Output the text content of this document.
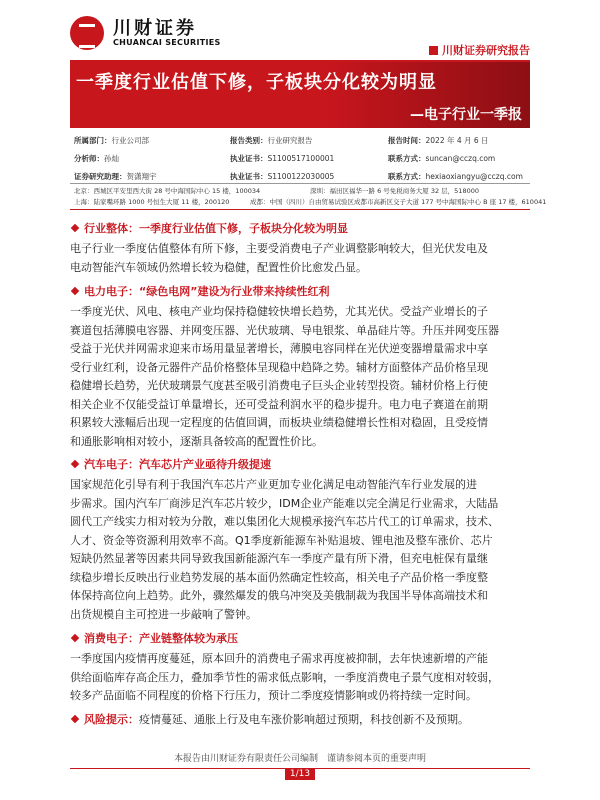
川财证券
CHUANCAI SECURITIES
川财证券研究报告
一季度行业估值下修，子板块分化较为明显
—电子行业一季报
所属部门：行业公司部	报告类别：行业研究报告	报告时间：2022 年 4 月 6 日
分析师：孙灿	执业证书：S1100517100001	联系方式：suncan@cczq.com
证券研究助理：贺潇翔宇	执业证书：S1100122030005	联系方式：hexiaoxiangyu@cczq.com
北京：西城区平安里西大街 28 号中海国际中心 15 楼，100034	深圳：福田区福华一路 6 号免税商务大厦 32 层，518000
上海：陆家嘴环路 1000 号恒生大厦 11 楼，200120	成都：中国（四川）自由贸易试验区成都市高新区交子大道 177 号中海国际中心 B 座 17 楼，610041
行业整体：一季度行业估值下修，子板块分化较为明显
电子行业一季度估值整体有所下修，主要受消费电子产业调整影响较大，但光伏发电及
电动智能汽车领域仍然增长较为稳健，配置性价比愈发凸显。
电力电子：“绿色电网”建设为行业带来持续性红利
一季度光伏、风电、核电产业均保持稳健较快增长趋势，尤其光伏。受益产业增长的子
赛道包括薄膜电容器、并网变压器、光伏玻璃、导电银浆、单晶硅片等。升压并网变压器
受益于光伏并网需求迎来市场用量显著增长，薄膜电容同样在光伏逆变器增量需求中享
受行业红利，设备元器件产品价格整体呈现稳中趋降之势。辅材方面整体产品价格呈现
稳健增长趋势，光伏玻璃景气度甚至吸引消费电子巨头企业转型投资。辅材价格上行使
相关企业不仅能受益订单量增长，还可受益利润水平的稳步提升。电力电子赛道在前期
积累较大涨幅后出现一定程度的估值回调，而板块业绩稳健增长性相对稳固，且受疫情
和通胀影响相对较小，逐渐具备较高的配置性价比。
汽车电子：汽车芯片产业亟待升级提速
国家规范化引导有利于我国汽车芯片产业更加专业化满足电动智能汽车行业发展的进
步需求。国内汽车厂商涉足汽车芯片较少，IDM企业产能难以完全满足行业需求，大陆晶
圆代工产线实力相对较为分散，难以集团化大规模承接汽车芯片代工的订单需求，技术、
人才、资金等资源利用效率不高。Q1季度新能源车补贴退坡、锂电池及整车涨价、芯片
短缺仍然显著等因素共同导致我国新能源汽车一季度产量有所下滑，但充电桩保有量继
续稳步增长反映出行业趋势发展的基本面仍然确定性较高，相关电子产品价格一季度整
体保持高位向上趋势。此外，骤然爆发的俄乌冲突及美俄制裁为我国半导体高端技术和
出货规模自主可控进一步敲响了警钟。
消费电子：产业链整体较为承压
一季度国内疫情再度蔓延，原本回升的消费电子需求再度被抑制，去年快速新增的产能
供给面临库存高企压力，叠加季节性的需求低点影响，一季度消费电子景气度相对较弱，
较多产品面临不同程度的价格下行压力，预计二季度疫情影响或仍将持续一定时间。
风险提示：疫情蔓延、通胀上行及电车涨价影响超过预期，科技创新不及预期。
本报告由川财证券有限责任公司编制　谨请参阅本页的重要声明
1/13
